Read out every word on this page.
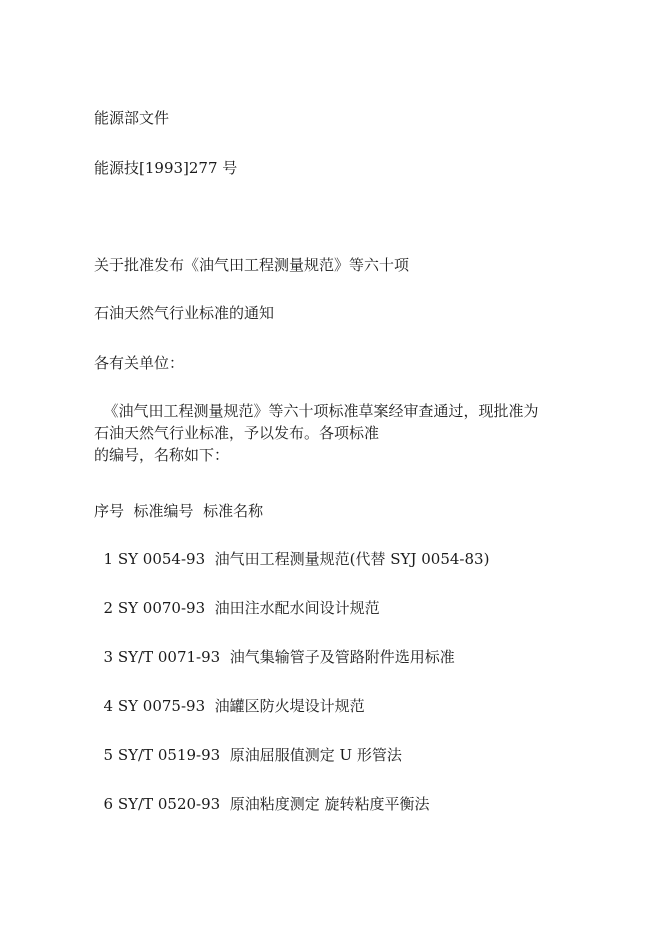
能源部文件
能源技[1993]277 号
关于批准发布《油气田工程测量规范》等六十项
石油天然气行业标准的通知
各有关单位：
《油气田工程测量规范》等六十项标准草案经审查通过，现批准为
石油天然气行业标准，予以发布。各项标准
的编号，名称如下：
序号  标准编号  标准名称
1 SY 0054-93  油气田工程测量规范(代替 SYJ 0054-83)
2 SY 0070-93  油田注水配水间设计规范
3 SY/T 0071-93  油气集输管子及管路附件选用标准
4 SY 0075-93  油罐区防火堤设计规范
5 SY/T 0519-93  原油屈服值测定 U 形管法
6 SY/T 0520-93  原油粘度测定 旋转粘度平衡法
